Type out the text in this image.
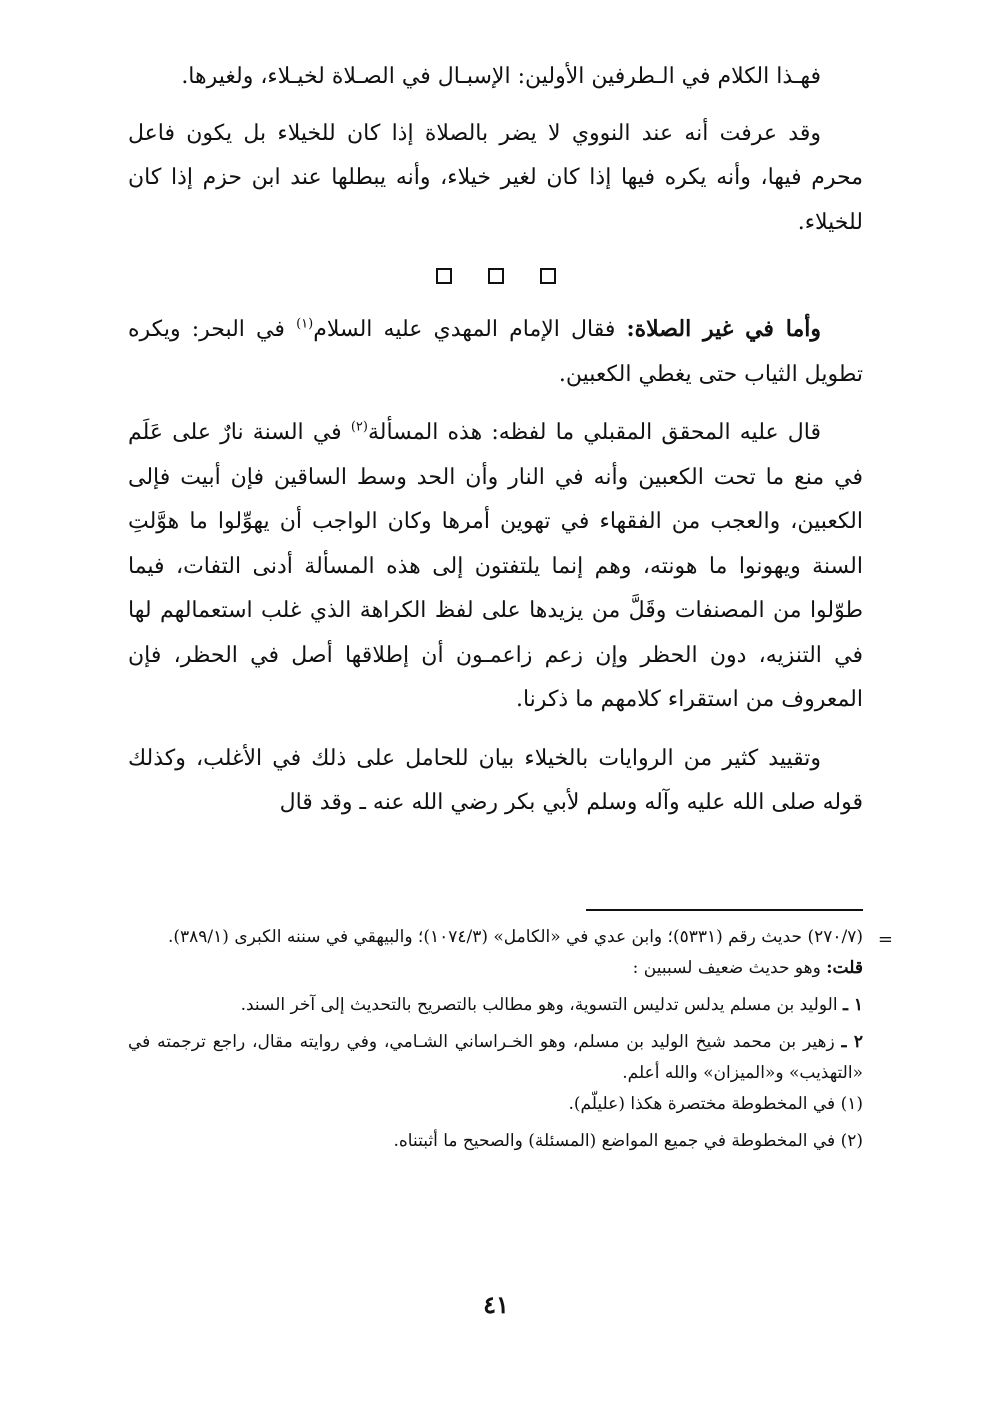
فهـذا الكلام في الـطرفين الأولين: الإسبـال في الصـلاة لخيـلاء، ولغيرها.

وقد عرفت أنه عند النووي لا يضر بالصلاة إذا كان للخيلاء بل يكون فاعل محرم فيها، وأنه يكره فيها إذا كان لغير خيلاء، وأنه يبطلها عند ابن حزم إذا كان للخيلاء.

وأما في غير الصلاة: فقال الإمام المهدي عليه السلام$^{(١)}$ في البحر: ويكره تطويل الثياب حتى يغطي الكعبين.

قال عليه المحقق المقبلي ما لفظه: هذه المسألة$^{(٢)}$ في السنة نارٌ على عَلَم في منع ما تحت الكعبين وأنه في النار وأن الحد وسط الساقين فإن أبيت فإلى الكعبين، والعجب من الفقهاء في تهوين أمرها وكان الواجب أن يهوِّلوا ما هوَّلتِ السنة ويهونوا ما هونته، وهم إنما يلتفتون إلى هذه المسألة أدنى التفات، فيما طوّلوا من المصنفات وقَلَّ من يزيدها على لفظ الكراهة الذي غلب استعمالهم لها في التنزيه، دون الحظر وإن زعم زاعمـون أن إطلاقها أصل في الحظر، فإن المعروف من استقراء كلامهم ما ذكرنا.

وتقييد كثير من الروايات بالخيلاء بيان للحامل على ذلك في الأغلب، وكذلك قوله صلى الله عليه وآله وسلم لأبي بكر رضي الله عنه ـ وقد قال

=

(٢٧٠/٧) حديث رقم (٥٣٣١)؛ وابن عدي في «الكامل» (١٠٧٤/٣)؛ والبيهقي في سننه الكبرى (٣٨٩/١).

قلت: وهو حديث ضعيف لسببين :

١ ـ الوليد بن مسلم يدلس تدليس التسوية، وهو مطالب بالتصريح بالتحديث إلى آخر السند.

٢ ـ زهير بن محمد شيخ الوليد بن مسلم، وهو الخـراساني الشـامي، وفي روايته مقال، راجع ترجمته في «التهذيب» و«الميزان» والله أعلم.

(١) في المخطوطة مختصرة هكذا (عليلّم).

(٢) في المخطوطة في جميع المواضع (المسئلة) والصحيح ما أثبتناه.

٤١
